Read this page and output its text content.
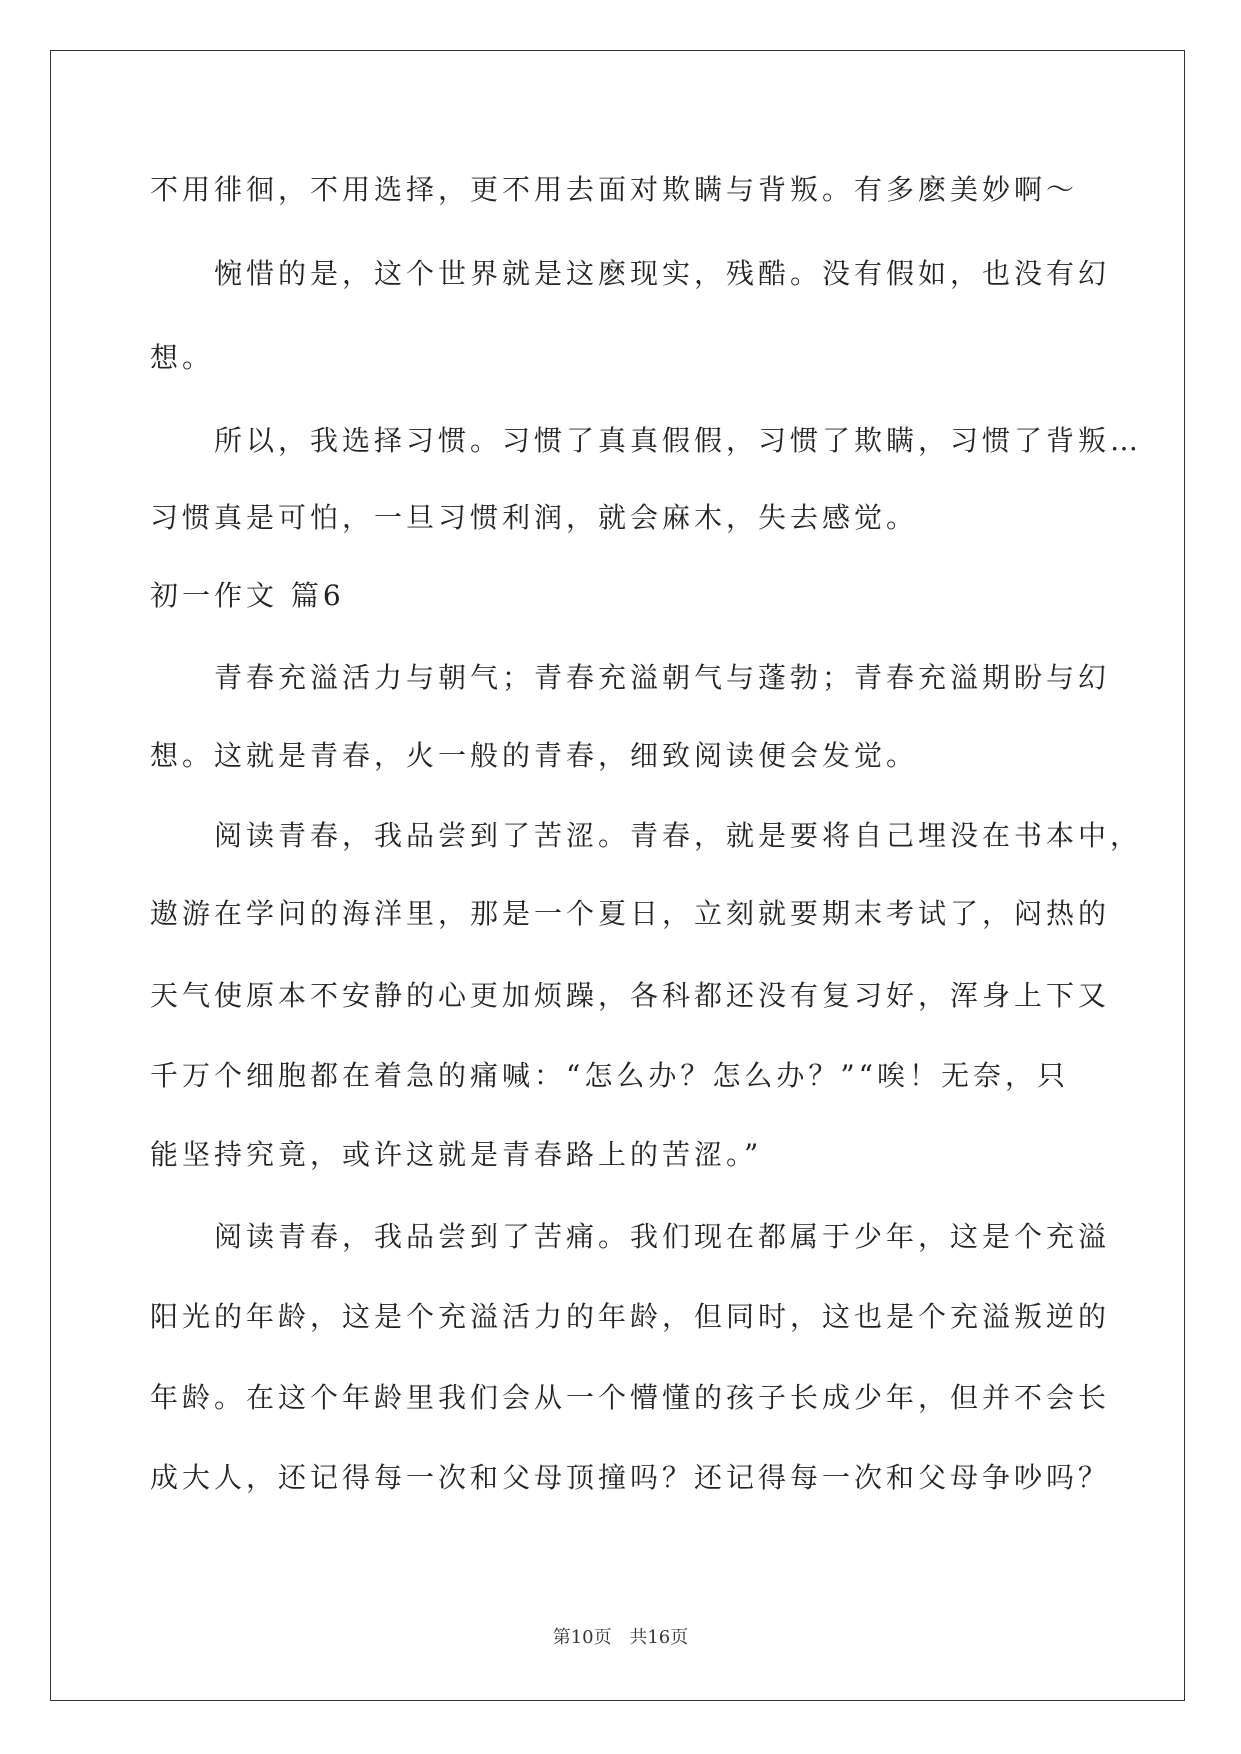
不用徘徊，不用选择，更不用去面对欺瞒与背叛。有多麽美妙啊～
惋惜的是，这个世界就是这麽现实，残酷。没有假如，也没有幻
想。
所以，我选择习惯。习惯了真真假假，习惯了欺瞒，习惯了背叛…
习惯真是可怕，一旦习惯利润，就会麻木，失去感觉。
初一作文 篇6
青春充溢活力与朝气；青春充溢朝气与蓬勃；青春充溢期盼与幻
想。这就是青春，火一般的青春，细致阅读便会发觉。
阅读青春，我品尝到了苦涩。青春，就是要将自己埋没在书本中，
遨游在学问的海洋里，那是一个夏日，立刻就要期末考试了，闷热的
天气使原本不安静的心更加烦躁，各科都还没有复习好，浑身上下又
千万个细胞都在着急的痛喊：“怎么办？怎么办？”“唉！无奈，只
能坚持究竟，或许这就是青春路上的苦涩。”
阅读青春，我品尝到了苦痛。我们现在都属于少年，这是个充溢
阳光的年龄，这是个充溢活力的年龄，但同时，这也是个充溢叛逆的
年龄。在这个年龄里我们会从一个懵懂的孩子长成少年，但并不会长
成大人，还记得每一次和父母顶撞吗？还记得每一次和父母争吵吗？
第10页 共16页
